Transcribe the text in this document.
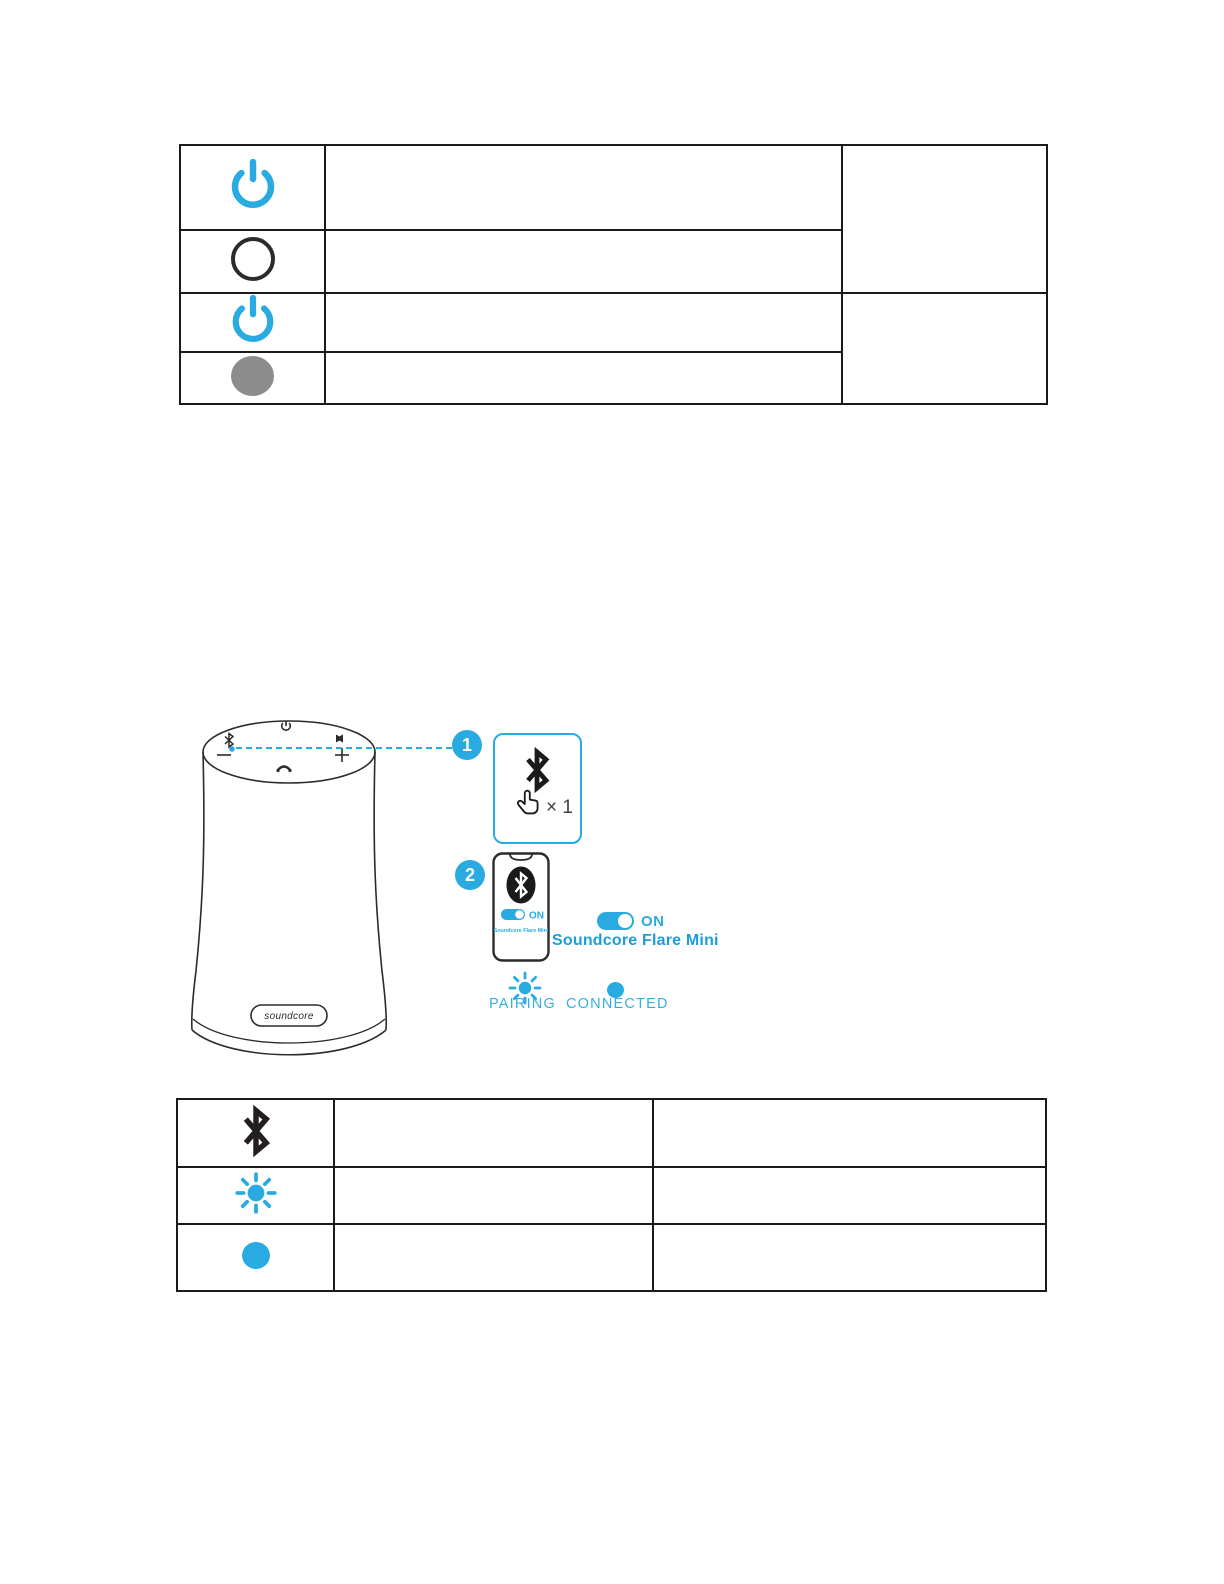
soundcore
1
× 1
2
ON
Soundcore Flare Mini
ON
Soundcore Flare Mini
PAIRING CONNECTED
